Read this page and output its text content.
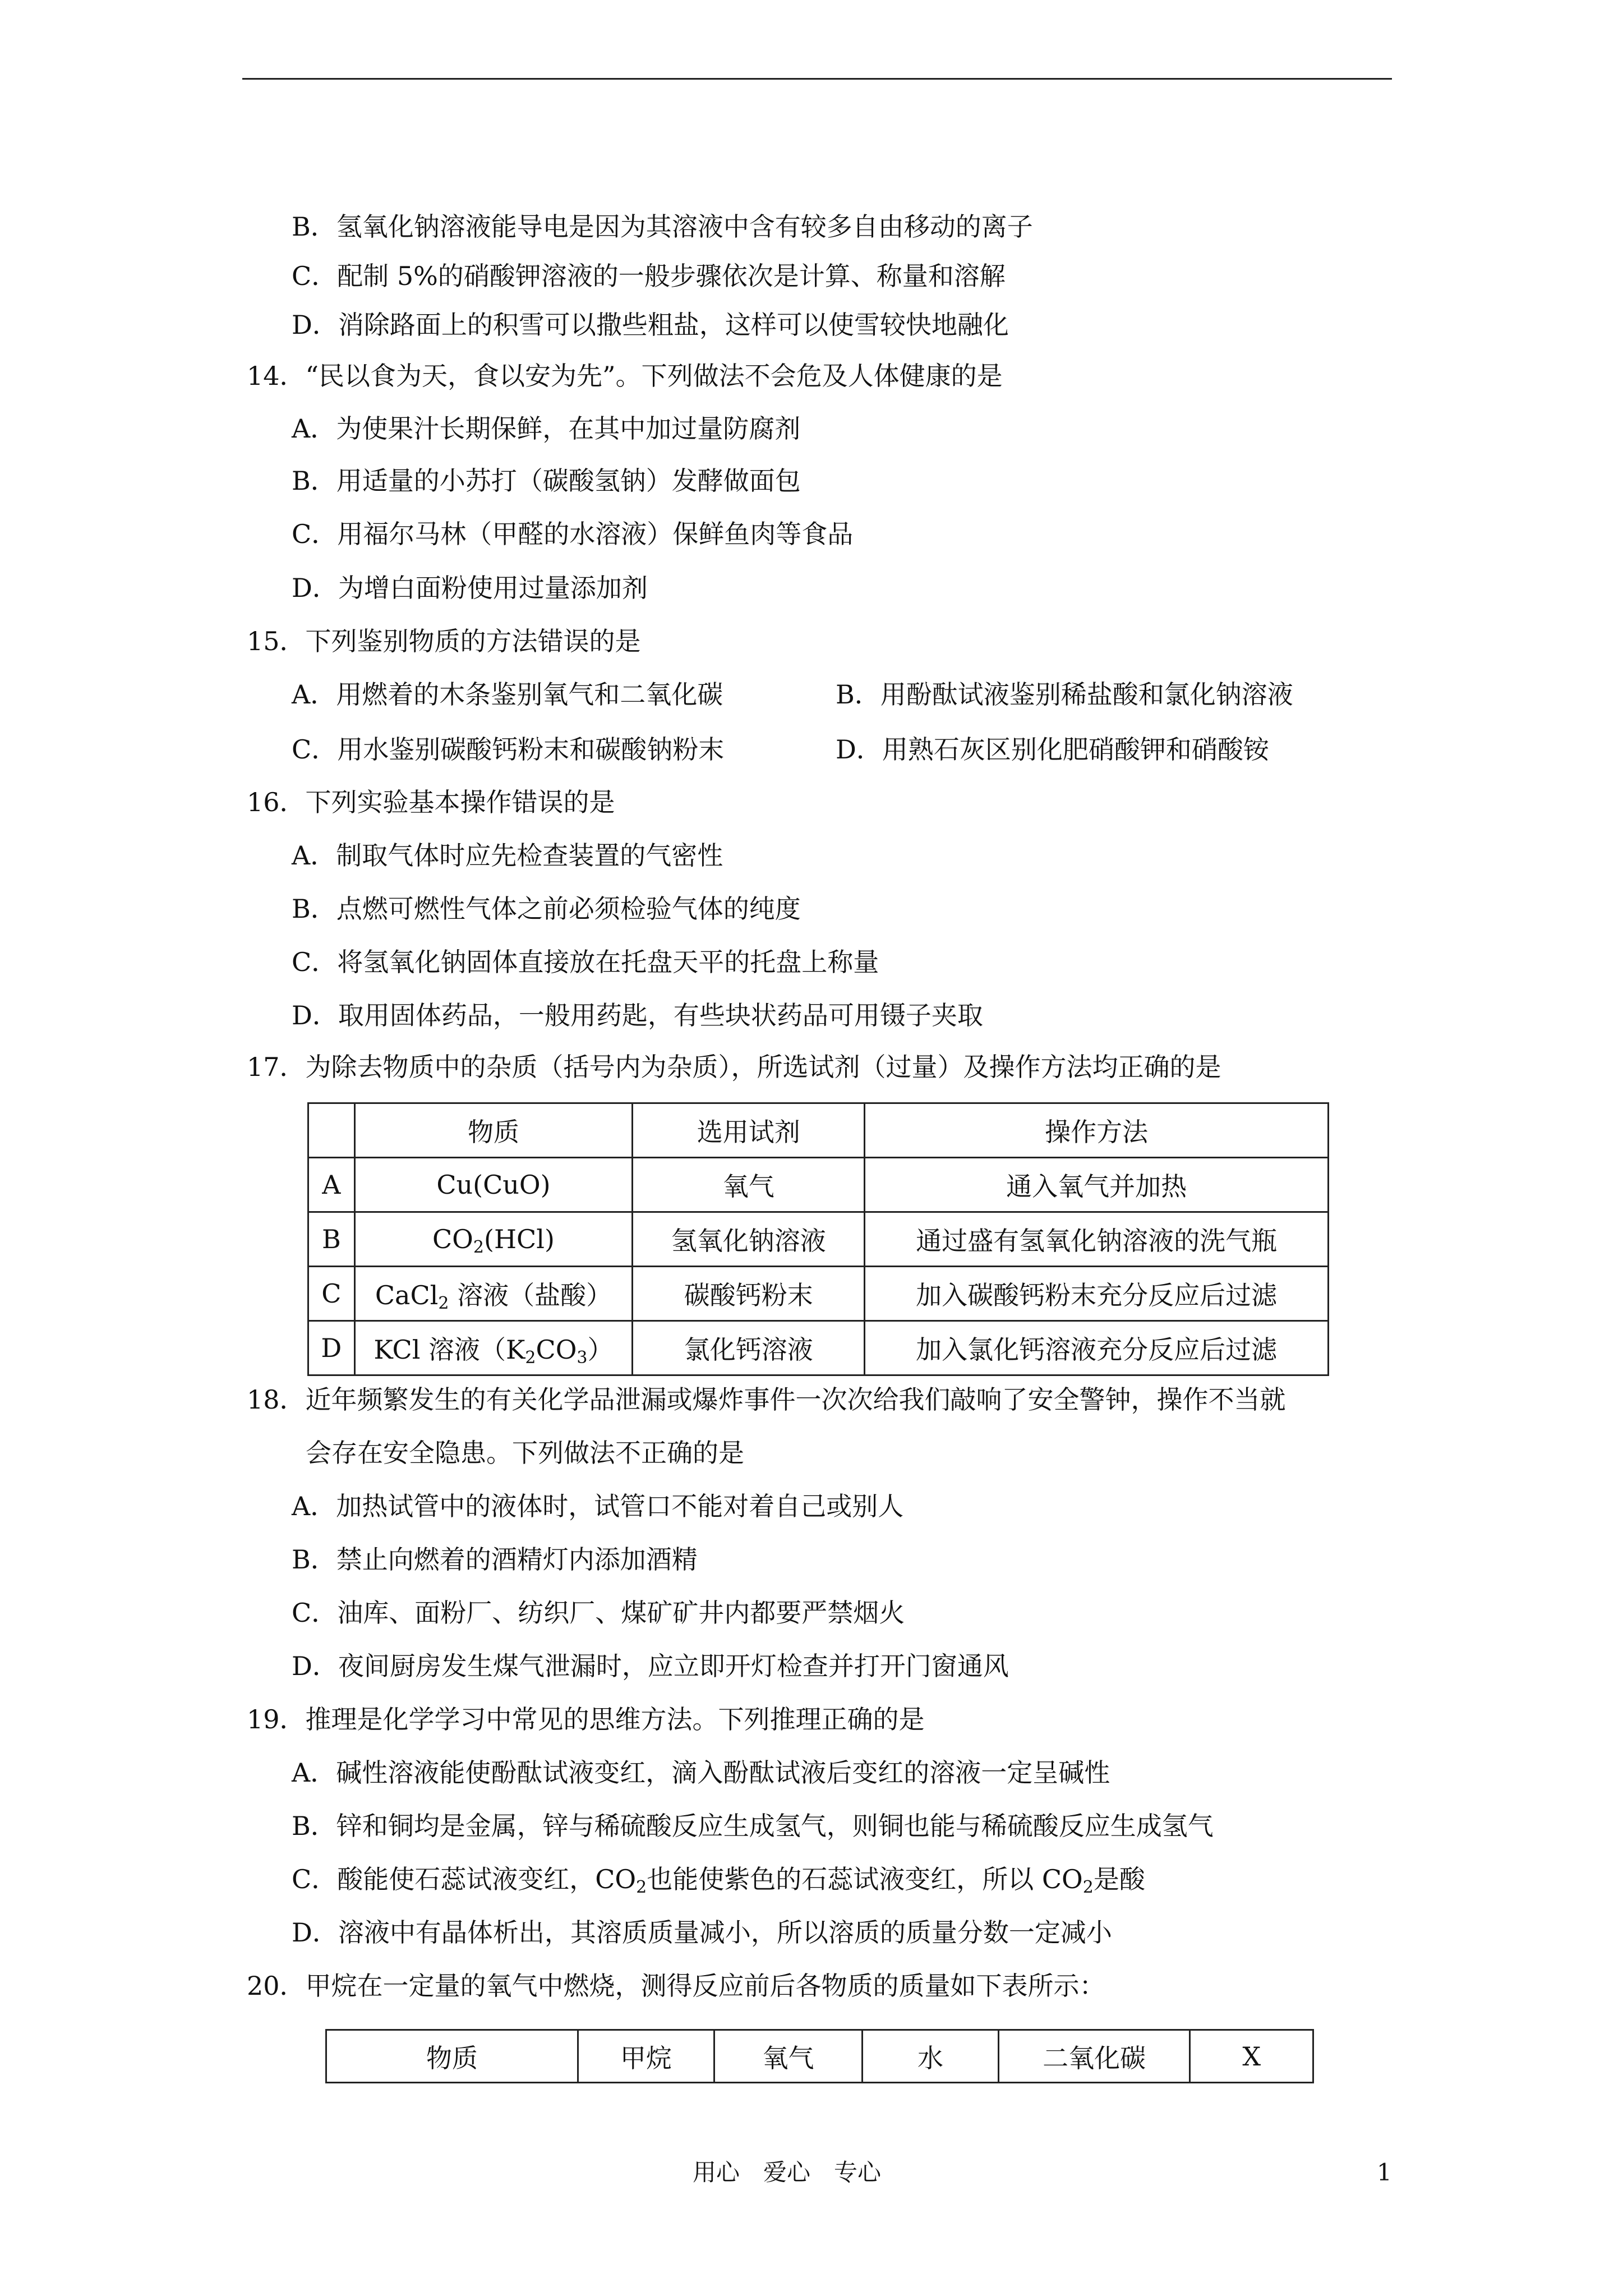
B．氢氧化钠溶液能导电是因为其溶液中含有较多自由移动的离子
C．配制 5%的硝酸钾溶液的一般步骤依次是计算、称量和溶解
D．消除路面上的积雪可以撒些粗盐，这样可以使雪较快地融化
14．“民以食为天，食以安为先”。下列做法不会危及人体健康的是
A．为使果汁长期保鲜，在其中加过量防腐剂
B．用适量的小苏打（碳酸氢钠）发酵做面包
C．用福尔马林（甲醛的水溶液）保鲜鱼肉等食品
D．为增白面粉使用过量添加剂
15．下列鉴别物质的方法错误的是
A．用燃着的木条鉴别氧气和二氧化碳	B．用酚酞试液鉴别稀盐酸和氯化钠溶液
C．用水鉴别碳酸钙粉末和碳酸钠粉末	D．用熟石灰区别化肥硝酸钾和硝酸铵
16．下列实验基本操作错误的是
A．制取气体时应先检查装置的气密性
B．点燃可燃性气体之前必须检验气体的纯度
C．将氢氧化钠固体直接放在托盘天平的托盘上称量
D．取用固体药品，一般用药匙，有些块状药品可用镊子夹取
17．为除去物质中的杂质（括号内为杂质），所选试剂（过量）及操作方法均正确的是
	物质	选用试剂	操作方法
A	Cu(CuO)	氧气	通入氧气并加热
B	$CO_2(HCl)$	氢氧化钠溶液	通过盛有氢氧化钠溶液的洗气瓶
C	CaCl$_2$ 溶液（盐酸）	碳酸钙粉末	加入碳酸钙粉末充分反应后过滤
D	KCl 溶液$(K_2CO_3)$	氯化钙溶液	加入氯化钙溶液充分反应后过滤
18．近年频繁发生的有关化学品泄漏或爆炸事件一次次给我们敲响了安全警钟，操作不当就
会存在安全隐患。下列做法不正确的是
A．加热试管中的液体时，试管口不能对着自己或别人
B．禁止向燃着的酒精灯内添加酒精
C．油库、面粉厂、纺织厂、煤矿矿井内都要严禁烟火
D．夜间厨房发生煤气泄漏时，应立即开灯检查并打开门窗通风
19．推理是化学学习中常见的思维方法。下列推理正确的是
A．碱性溶液能使酚酞试液变红，滴入酚酞试液后变红的溶液一定呈碱性
B．锌和铜均是金属，锌与稀硫酸反应生成氢气，则铜也能与稀硫酸反应生成氢气
C．酸能使石蕊试液变红，$CO_2$也能使紫色的石蕊试液变红，所以 $CO_2$是酸
D．溶液中有晶体析出，其溶质质量减小，所以溶质的质量分数一定减小
20．甲烷在一定量的氧气中燃烧，测得反应前后各物质的质量如下表所示：
物质	甲烷	氧气	水	二氧化碳	X
用心　爱心　专心	1
